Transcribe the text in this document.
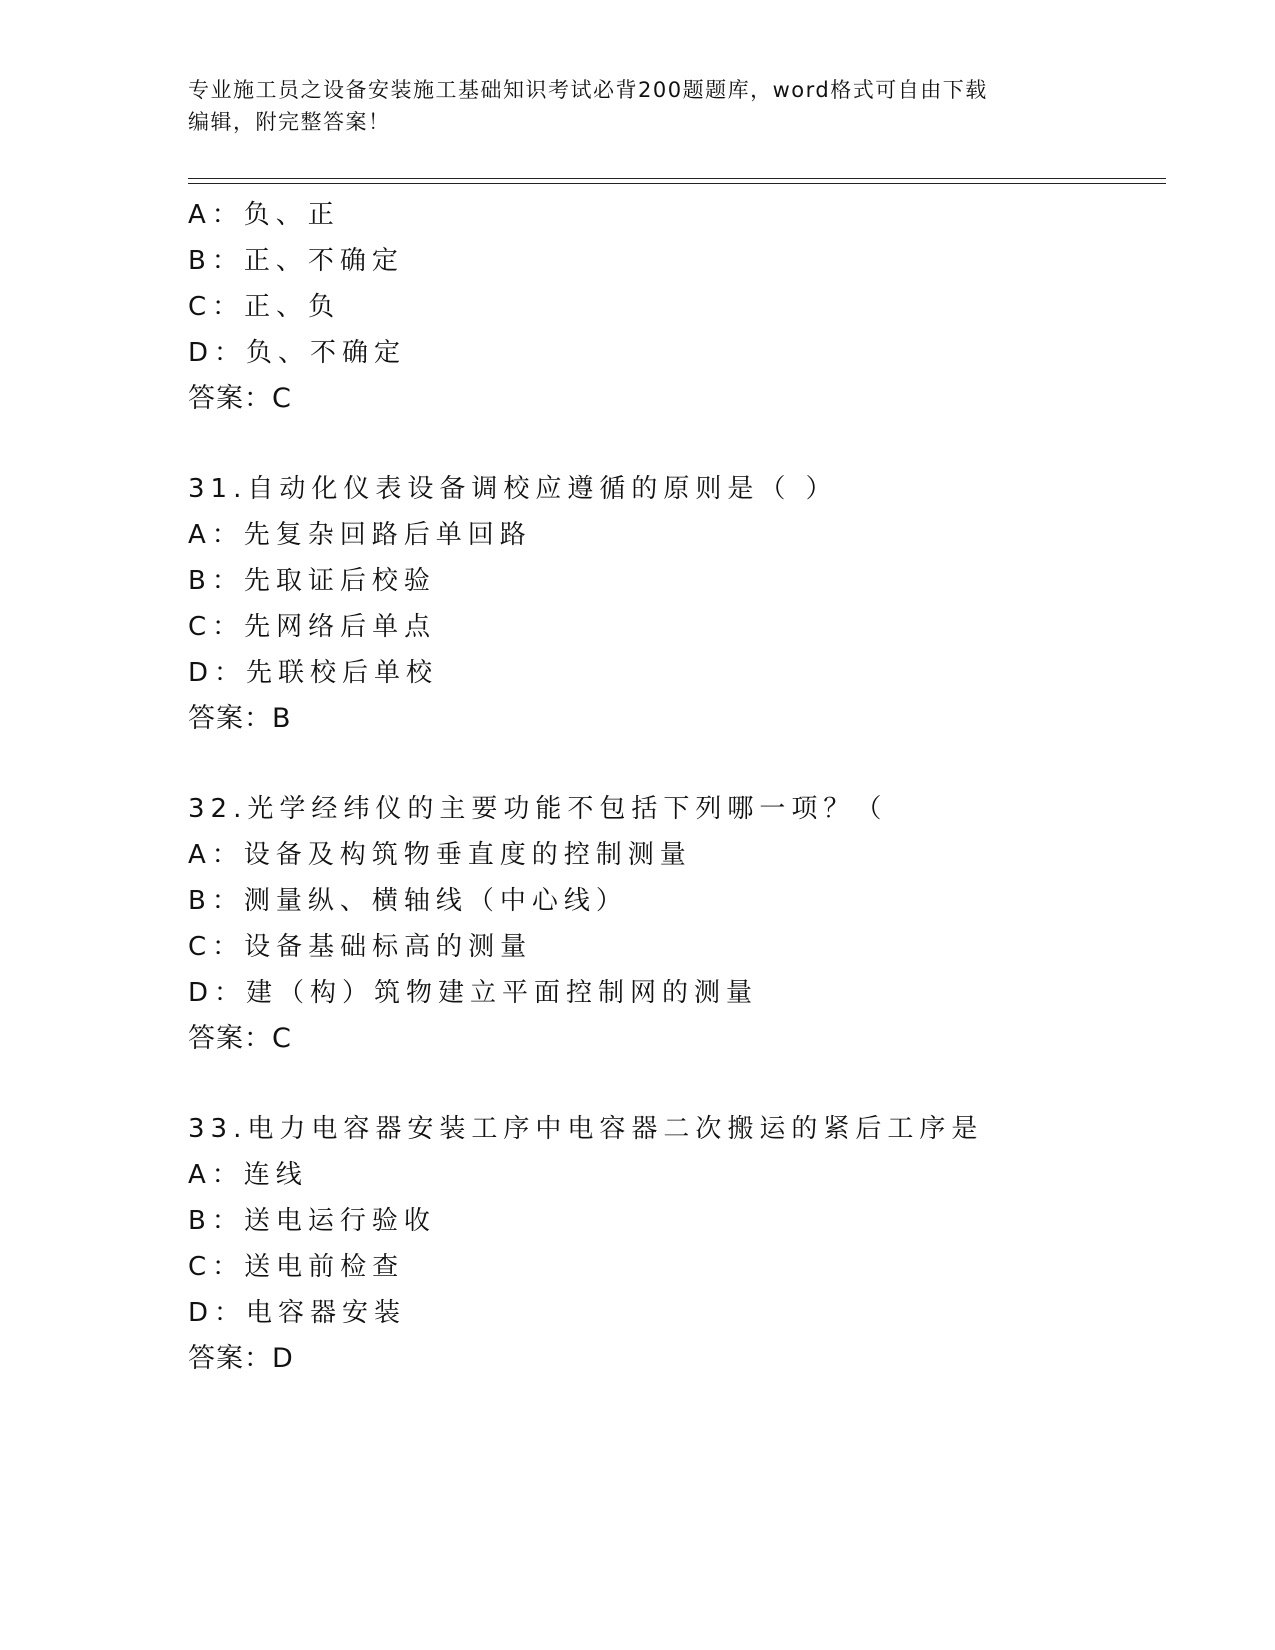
专业施工员之设备安装施工基础知识考试必背200题题库，word格式可自由下载
编辑，附完整答案！
A：负、正
B：正、不确定
C：正、负
D：负、不确定
答案：C
31.自动化仪表设备调校应遵循的原则是（ ）
A：先复杂回路后单回路
B：先取证后校验
C：先网络后单点
D：先联校后单校
答案：B
32.光学经纬仪的主要功能不包括下列哪一项？（
A：设备及构筑物垂直度的控制测量
B：测量纵、横轴线（中心线）
C：设备基础标高的测量
D：建（构）筑物建立平面控制网的测量
答案：C
33.电力电容器安装工序中电容器二次搬运的紧后工序是
A：连线
B：送电运行验收
C：送电前检查
D：电容器安装
答案：D
